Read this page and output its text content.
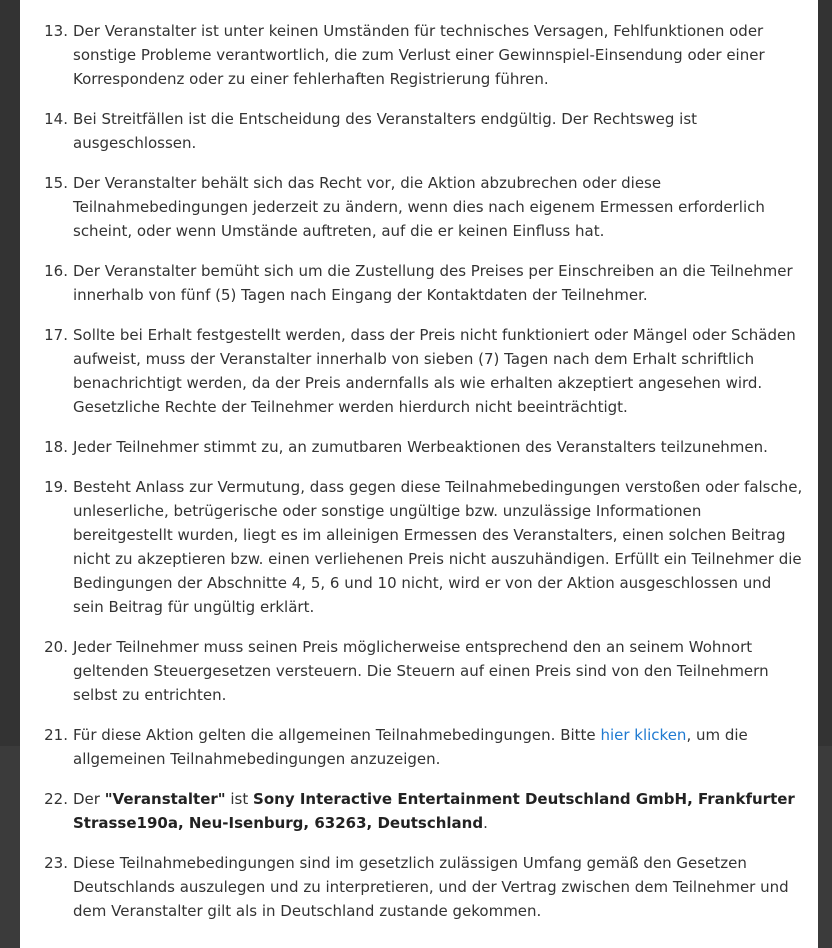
13. Der Veranstalter ist unter keinen Umständen für technisches Versagen, Fehlfunktionen oder sonstige Probleme verantwortlich, die zum Verlust einer Gewinnspiel-Einsendung oder einer Korrespondenz oder zu einer fehlerhaften Registrierung führen.
14. Bei Streitfällen ist die Entscheidung des Veranstalters endgültig. Der Rechtsweg ist ausgeschlossen.
15. Der Veranstalter behält sich das Recht vor, die Aktion abzubrechen oder diese Teilnahmebedingungen jederzeit zu ändern, wenn dies nach eigenem Ermessen erforderlich scheint, oder wenn Umstände auftreten, auf die er keinen Einfluss hat.
16. Der Veranstalter bemüht sich um die Zustellung des Preises per Einschreiben an die Teilnehmer innerhalb von fünf (5) Tagen nach Eingang der Kontaktdaten der Teilnehmer.
17. Sollte bei Erhalt festgestellt werden, dass der Preis nicht funktioniert oder Mängel oder Schäden aufweist, muss der Veranstalter innerhalb von sieben (7) Tagen nach dem Erhalt schriftlich benachrichtigt werden, da der Preis andernfalls als wie erhalten akzeptiert angesehen wird. Gesetzliche Rechte der Teilnehmer werden hierdurch nicht beeinträchtigt.
18. Jeder Teilnehmer stimmt zu, an zumutbaren Werbeaktionen des Veranstalters teilzunehmen.
19. Besteht Anlass zur Vermutung, dass gegen diese Teilnahmebedingungen verstoßen oder falsche, unleserliche, betrügerische oder sonstige ungültige bzw. unzulässige Informationen bereitgestellt wurden, liegt es im alleinigen Ermessen des Veranstalters, einen solchen Beitrag nicht zu akzeptieren bzw. einen verliehenen Preis nicht auszuhändigen. Erfüllt ein Teilnehmer die Bedingungen der Abschnitte 4, 5, 6 und 10 nicht, wird er von der Aktion ausgeschlossen und sein Beitrag für ungültig erklärt.
20. Jeder Teilnehmer muss seinen Preis möglicherweise entsprechend den an seinem Wohnort geltenden Steuergesetzen versteuern. Die Steuern auf einen Preis sind von den Teilnehmern selbst zu entrichten.
21. Für diese Aktion gelten die allgemeinen Teilnahmebedingungen. Bitte hier klicken, um die allgemeinen Teilnahmebedingungen anzuzeigen.
22. Der "Veranstalter" ist Sony Interactive Entertainment Deutschland GmbH, Frankfurter Strasse190a, Neu-Isenburg, 63263, Deutschland.
23. Diese Teilnahmebedingungen sind im gesetzlich zulässigen Umfang gemäß den Gesetzen Deutschlands auszulegen und zu interpretieren, und der Vertrag zwischen dem Teilnehmer und dem Veranstalter gilt als in Deutschland zustande gekommen.
